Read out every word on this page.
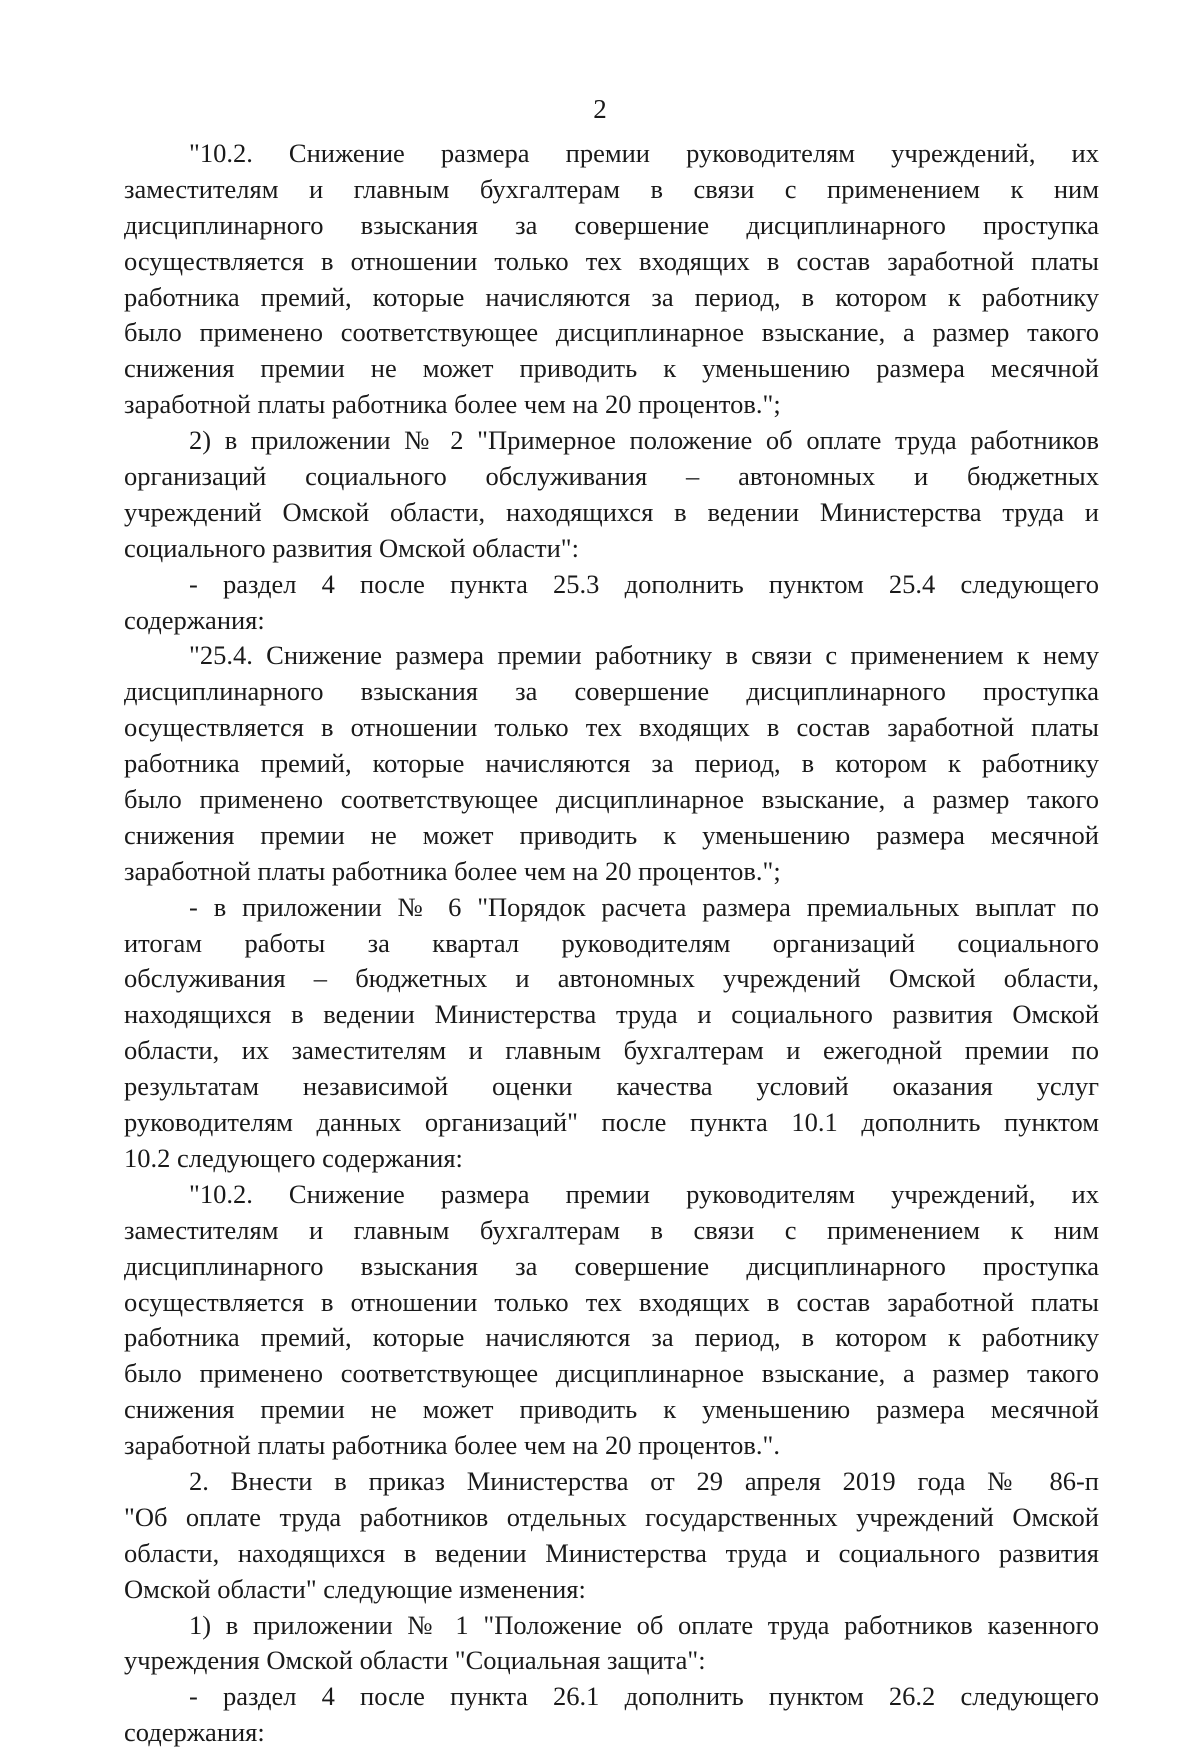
2
"10.2. Снижение размера премии руководителям учреждений, их
заместителям и главным бухгалтерам в связи с применением к ним
дисциплинарного взыскания за совершение дисциплинарного проступка
осуществляется в отношении только тех входящих в состав заработной платы
работника премий, которые начисляются за период, в котором к работнику
было применено соответствующее дисциплинарное взыскание, а размер такого
снижения премии не может приводить к уменьшению размера месячной
заработной платы работника более чем на 20 процентов.";
2) в приложении № 2 "Примерное положение об оплате труда работников
организаций социального обслуживания – автономных и бюджетных
учреждений Омской области, находящихся в ведении Министерства труда и
социального развития Омской области":
- раздел 4 после пункта 25.3 дополнить пунктом 25.4 следующего
содержания:
"25.4. Снижение размера премии работнику в связи с применением к нему
дисциплинарного взыскания за совершение дисциплинарного проступка
осуществляется в отношении только тех входящих в состав заработной платы
работника премий, которые начисляются за период, в котором к работнику
было применено соответствующее дисциплинарное взыскание, а размер такого
снижения премии не может приводить к уменьшению размера месячной
заработной платы работника более чем на 20 процентов.";
- в приложении № 6 "Порядок расчета размера премиальных выплат по
итогам работы за квартал руководителям организаций социального
обслуживания – бюджетных и автономных учреждений Омской области,
находящихся в ведении Министерства труда и социального развития Омской
области, их заместителям и главным бухгалтерам и ежегодной премии по
результатам независимой оценки качества условий оказания услуг
руководителям данных организаций" после пункта 10.1 дополнить пунктом
10.2 следующего содержания:
"10.2. Снижение размера премии руководителям учреждений, их
заместителям и главным бухгалтерам в связи с применением к ним
дисциплинарного взыскания за совершение дисциплинарного проступка
осуществляется в отношении только тех входящих в состав заработной платы
работника премий, которые начисляются за период, в котором к работнику
было применено соответствующее дисциплинарное взыскание, а размер такого
снижения премии не может приводить к уменьшению размера месячной
заработной платы работника более чем на 20 процентов.".
2. Внести в приказ Министерства от 29 апреля 2019 года № 86-п
"Об оплате труда работников отдельных государственных учреждений Омской
области, находящихся в ведении Министерства труда и социального развития
Омской области" следующие изменения:
1) в приложении № 1 "Положение об оплате труда работников казенного
учреждения Омской области "Социальная защита":
- раздел 4 после пункта 26.1 дополнить пунктом 26.2 следующего
содержания:
